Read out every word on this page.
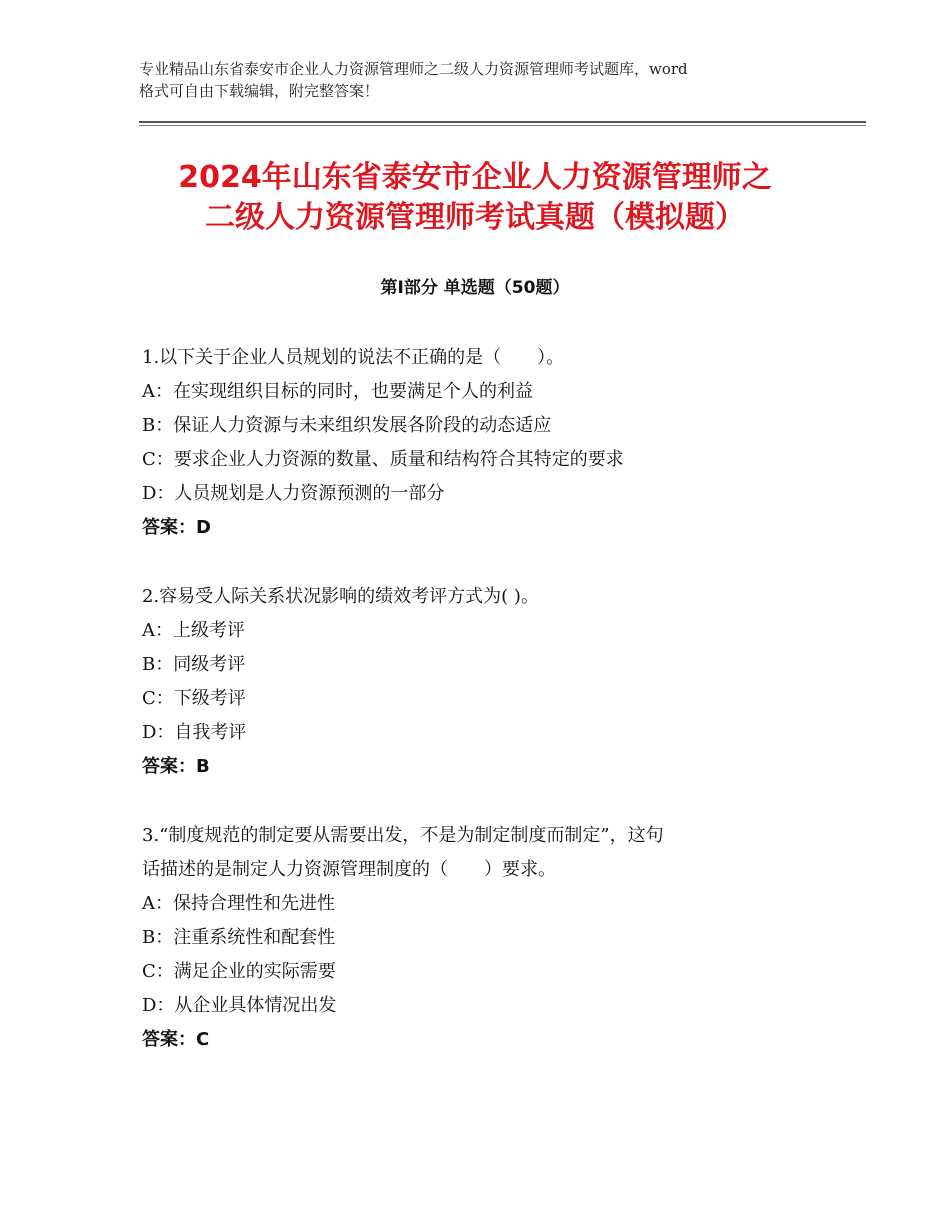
专业精品山东省泰安市企业人力资源管理师之二级人力资源管理师考试题库，word
格式可自由下载编辑，附完整答案！
2024年山东省泰安市企业人力资源管理师之
二级人力资源管理师考试真题（模拟题）
第Ⅰ部分 单选题（50题）
1.以下关于企业人员规划的说法不正确的是（　　）。
A：在实现组织目标的同时，也要满足个人的利益
B：保证人力资源与未来组织发展各阶段的动态适应
C：要求企业人力资源的数量、质量和结构符合其特定的要求
D：人员规划是人力资源预测的一部分
答案：D
2.容易受人际关系状况影响的绩效考评方式为( )。
A：上级考评
B：同级考评
C：下级考评
D：自我考评
答案：B
3.“制度规范的制定要从需要出发，不是为制定制度而制定”，这句
话描述的是制定人力资源管理制度的（　　）要求。
A：保持合理性和先进性
B：注重系统性和配套性
C：满足企业的实际需要
D：从企业具体情况出发
答案：C
